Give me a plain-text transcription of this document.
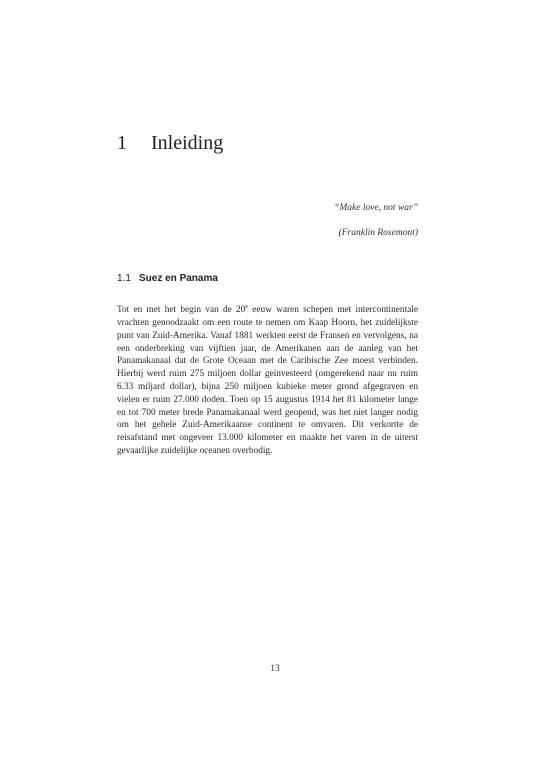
1 Inleiding
“Make love, not war”
(Franklin Rosemont)
1.1 Suez en Panama

Tot en met het begin van de 20e eeuw waren schepen met intercontinentale vrachten genoodzaakt om een route te nemen om Kaap Hoorn, het zuidelijkste punt van Zuid-Amerika. Vanaf 1881 werkten eerst de Fransen en vervolgens, na een onderbreking van vijftien jaar, de Amerikanen aan de aanleg van het Panamakanaal dat de Grote Oceaan met de Caribische Zee moest verbinden. Hierbij werd ruim 275 miljoen dollar geïnvesteerd (omgerekend naar nu ruim 6.33 miljard dollar), bijna 250 miljoen kubieke meter grond afgegraven en vielen er ruim 27.000 doden. Toen op 15 augustus 1914 het 81 kilometer lange en tot 700 meter brede Panamakanaal werd geopend, was het niet langer nodig om het gehele Zuid-Amerikaanse continent te omvaren. Dit verkortte de reisafstand met ongeveer 13.000 kilometer en maakte het varen in de uiterst gevaarlijke zuidelijke oceanen overbodig.

13
